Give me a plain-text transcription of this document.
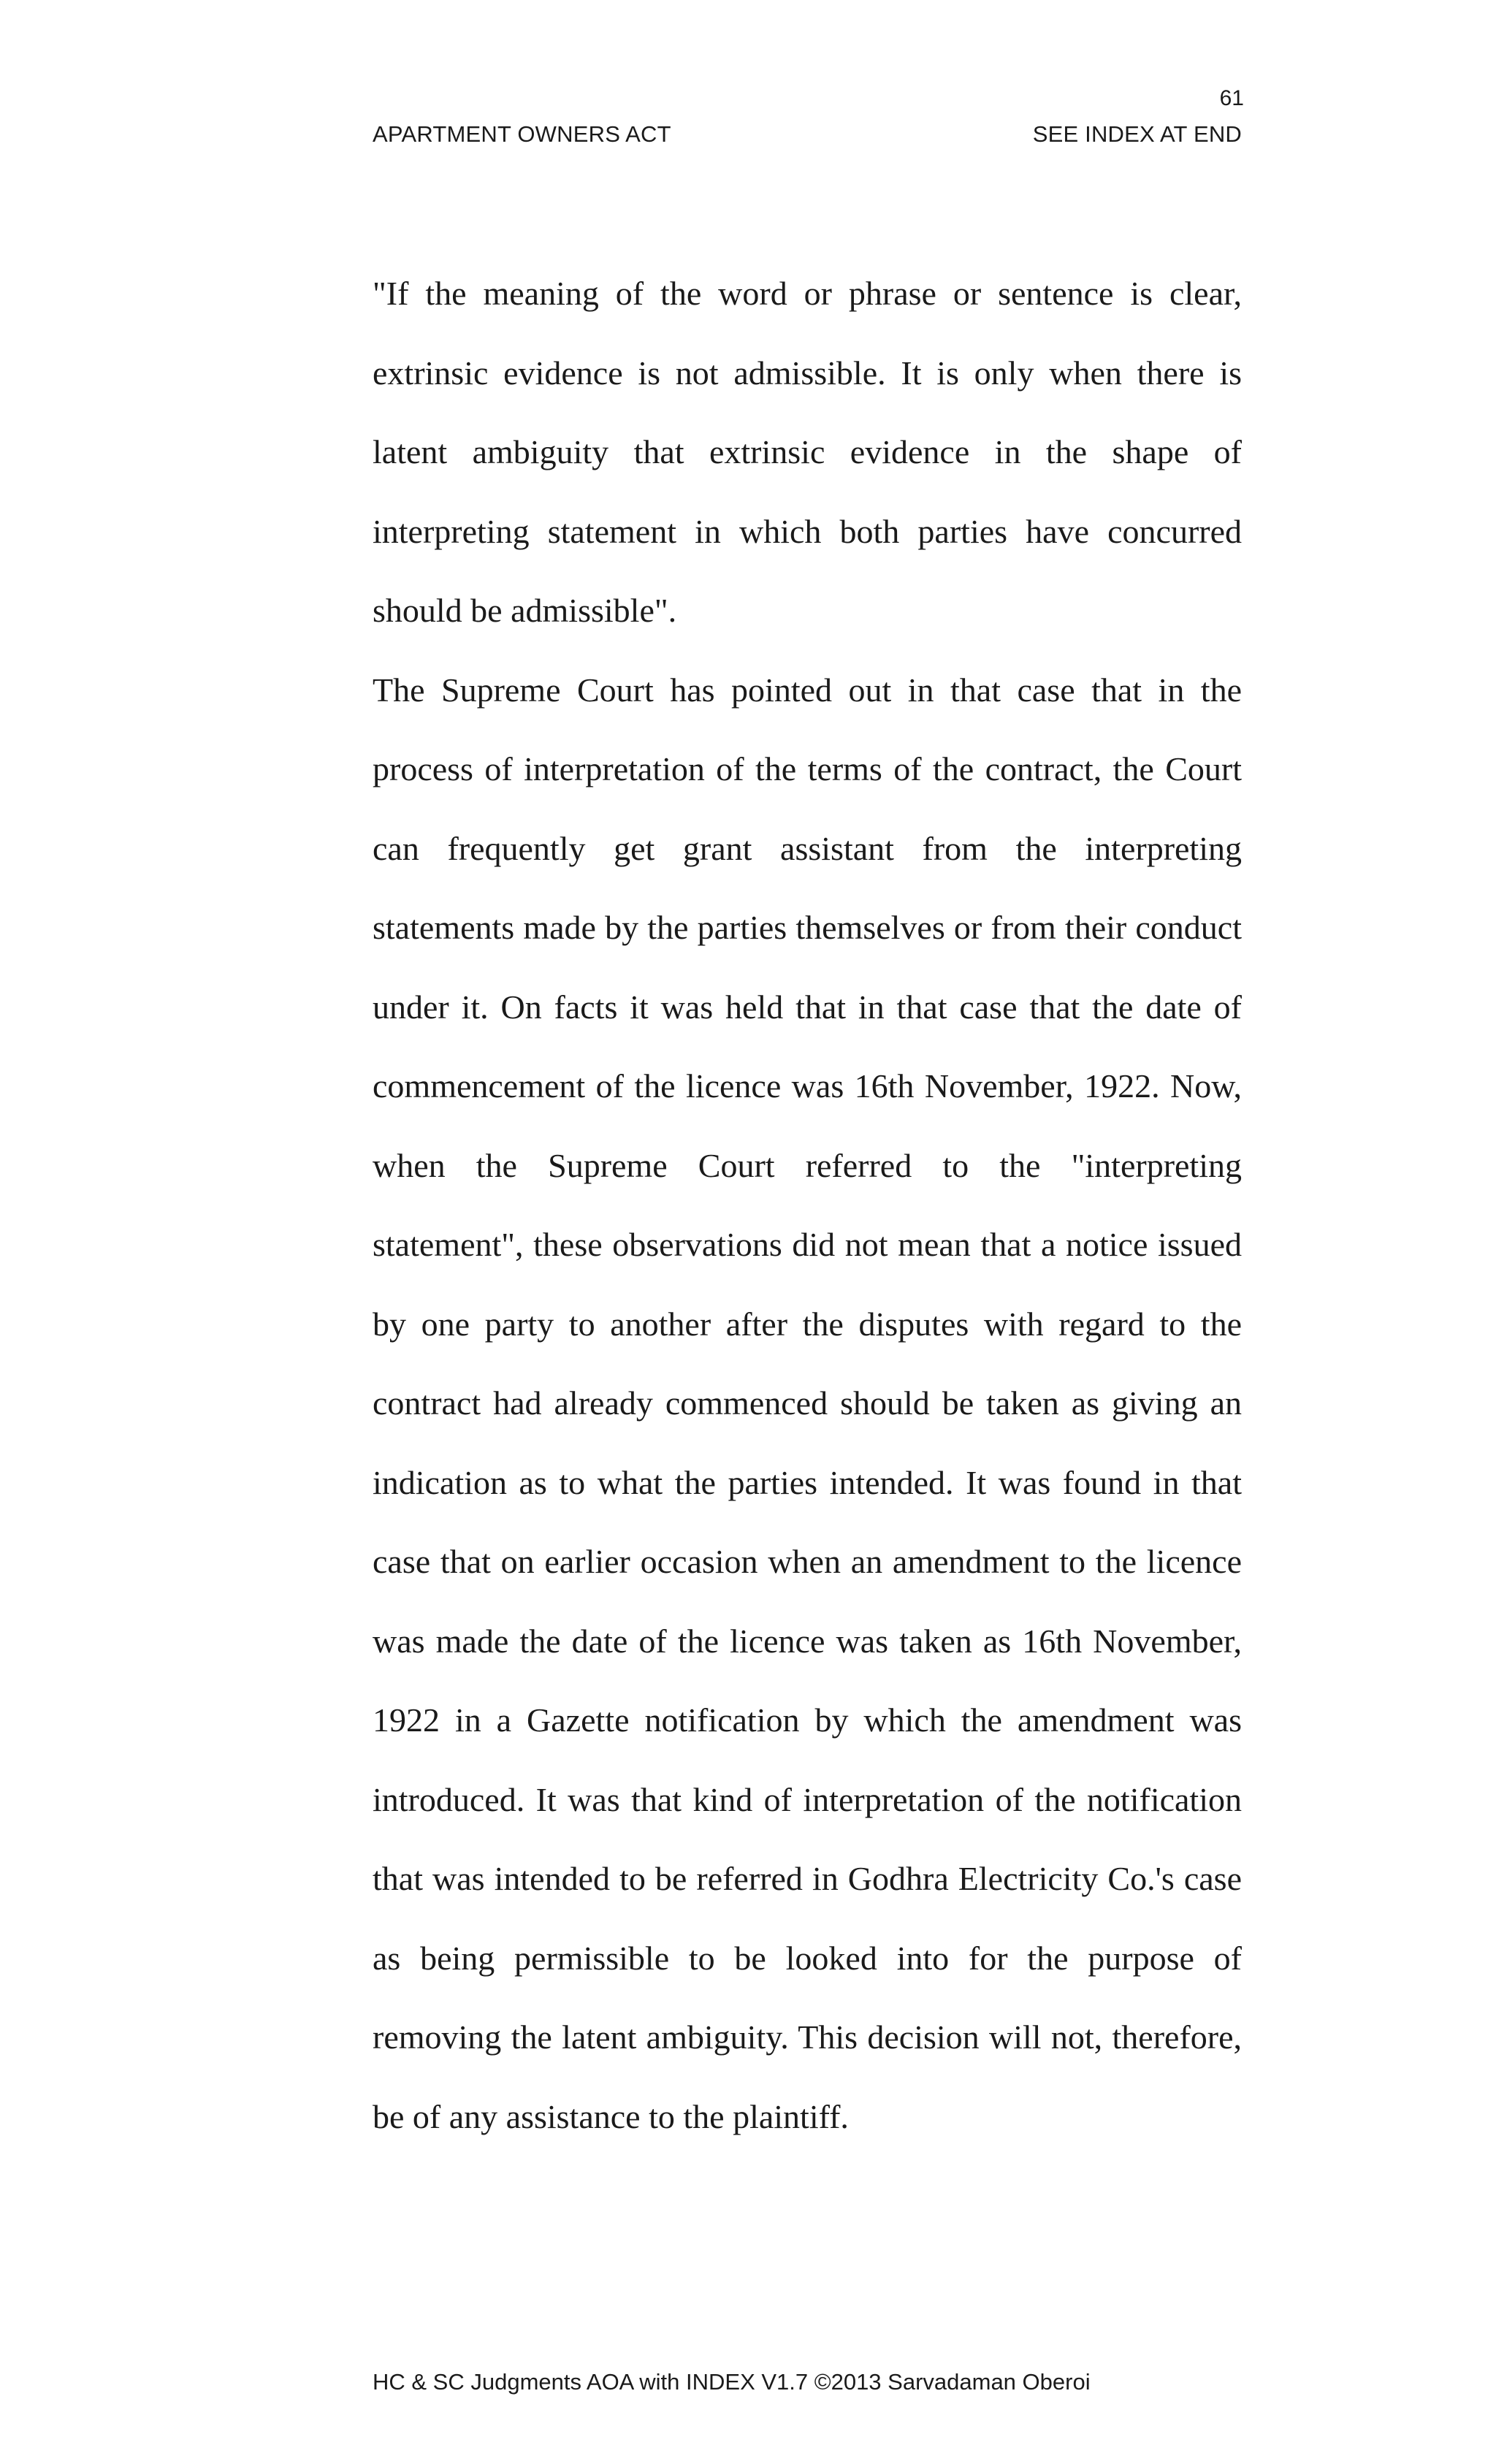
61
APARTMENT OWNERS ACT	SEE INDEX AT END

"If the meaning of the word or phrase or sentence is clear, extrinsic evidence is not admissible. It is only when there is latent ambiguity that extrinsic evidence in the shape of interpreting statement in which both parties have concurred should be admissible".

The Supreme Court has pointed out in that case that in the process of interpretation of the terms of the contract, the Court can frequently get grant assistant from the interpreting statements made by the parties themselves or from their conduct under it. On facts it was held that in that case that the date of commencement of the licence was 16th November, 1922. Now, when the Supreme Court referred to the "interpreting statement", these observations did not mean that a notice issued by one party to another after the disputes with regard to the contract had already commenced should be taken as giving an indication as to what the parties intended. It was found in that case that on earlier occasion when an amendment to the licence was made the date of the licence was taken as 16th November, 1922 in a Gazette notification by which the amendment was introduced. It was that kind of interpretation of the notification that was intended to be referred in Godhra Electricity Co.'s case as being permissible to be looked into for the purpose of removing the latent ambiguity. This decision will not, therefore, be of any assistance to the plaintiff.

HC & SC Judgments AOA with INDEX V1.7 ©2013 Sarvadaman Oberoi
